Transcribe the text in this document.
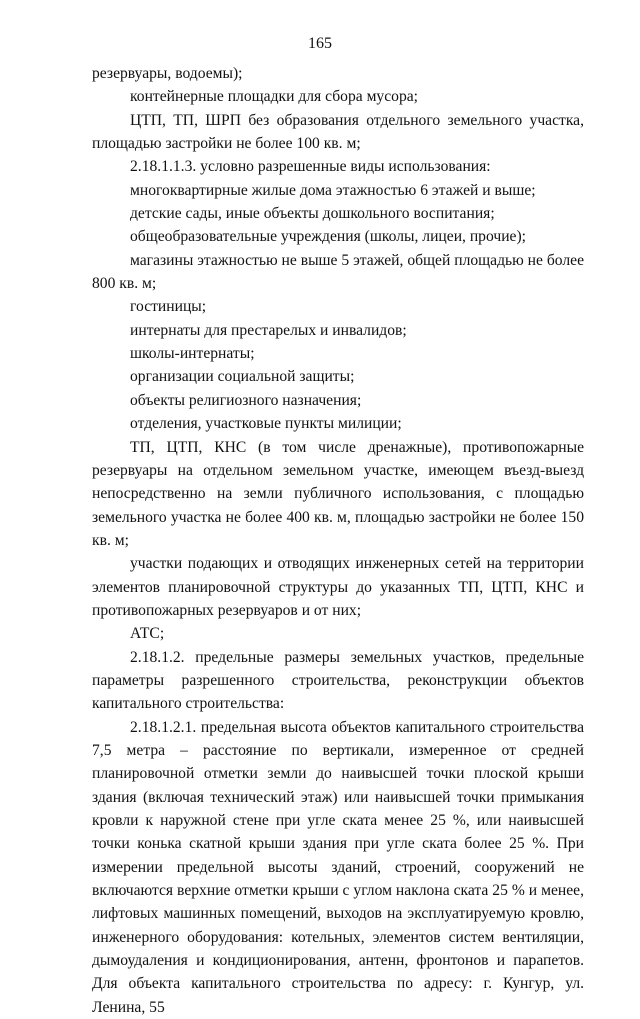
165

резервуары, водоемы);

контейнерные площадки для сбора мусора;

ЦТП, ТП, ШРП без образования отдельного земельного участка, площадью застройки не более 100 кв. м;

2.18.1.1.3. условно разрешенные виды использования:

многоквартирные жилые дома этажностью 6 этажей и выше;

детские сады, иные объекты дошкольного воспитания;

общеобразовательные учреждения (школы, лицеи, прочие);

магазины этажностью не выше 5 этажей, общей площадью не более 800 кв. м;

гостиницы;

интернаты для престарелых и инвалидов;

школы-интернаты;

организации социальной защиты;

объекты религиозного назначения;

отделения, участковые пункты милиции;

ТП, ЦТП, КНС (в том числе дренажные), противопожарные резервуары на отдельном земельном участке, имеющем въезд-выезд непосредственно на земли публичного использования, с площадью земельного участка не более 400 кв. м, площадью застройки не более 150 кв. м;

участки подающих и отводящих инженерных сетей на территории элементов планировочной структуры до указанных ТП, ЦТП, КНС и противопожарных резервуаров и от них;

АТС;

2.18.1.2. предельные размеры земельных участков, предельные параметры разрешенного строительства, реконструкции объектов капитального строительства:

2.18.1.2.1. предельная высота объектов капитального строительства 7,5 метра – расстояние по вертикали, измеренное от средней планировочной отметки земли до наивысшей точки плоской крыши здания (включая технический этаж) или наивысшей точки примыкания кровли к наружной стене при угле ската менее 25 %, или наивысшей точки конька скатной крыши здания при угле ската более 25 %. При измерении предельной высоты зданий, строений, сооружений не включаются верхние отметки крыши с углом наклона ската 25 % и менее, лифтовых машинных помещений, выходов на эксплуатируемую кровлю, инженерного оборудования: котельных, элементов систем вентиляции, дымоудаления и кондиционирования, антенн, фронтонов и парапетов. Для объекта капитального строительства по адресу: г. Кунгур, ул. Ленина, 55
